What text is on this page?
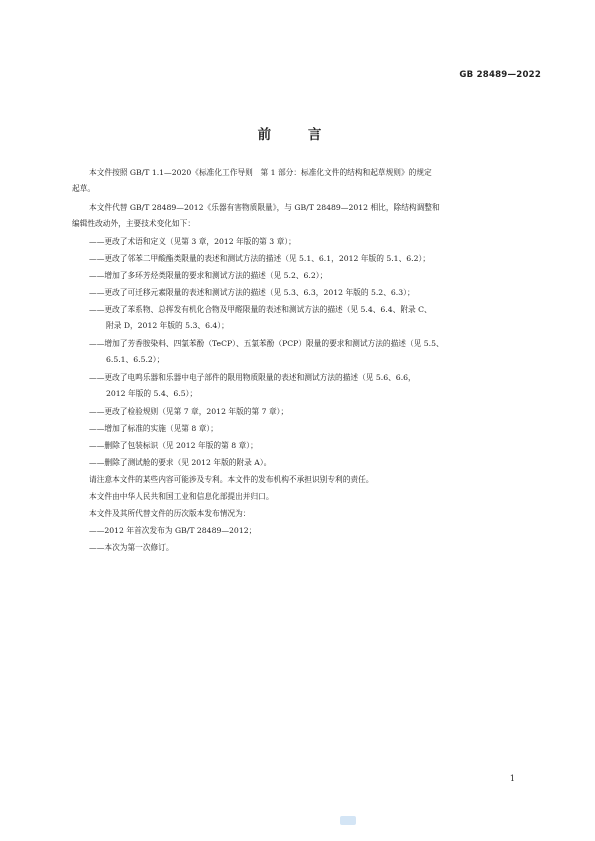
GB 28489—2022
前 言
本文件按照 GB/T 1.1—2020《标准化工作导则　第 1 部分：标准化文件的结构和起草规则》的规定
起草。
本文件代替 GB/T 28489—2012《乐器有害物质限量》，与 GB/T 28489—2012 相比，除结构调整和
编辑性改动外，主要技术变化如下：
——更改了术语和定义（见第 3 章，2012 年版的第 3 章）；
——更改了邻苯二甲酸酯类限量的表述和测试方法的描述（见 5.1、6.1，2012 年版的 5.1、6.2）；
——增加了多环芳烃类限量的要求和测试方法的描述（见 5.2、6.2）；
——更改了可迁移元素限量的表述和测试方法的描述（见 5.3、6.3，2012 年版的 5.2、6.3）；
——更改了苯系物、总挥发有机化合物及甲醛限量的表述和测试方法的描述（见 5.4、6.4、附录 C、
附录 D，2012 年版的 5.3、6.4）；
——增加了芳香胺染料、四氯苯酚（TeCP）、五氯苯酚（PCP）限量的要求和测试方法的描述（见 5.5、
6.5.1、6.5.2）；
——更改了电鸣乐器和乐器中电子部件的限用物质限量的表述和测试方法的描述（见 5.6、6.6，
2012 年版的 5.4、6.5）；
——更改了检验规则（见第 7 章，2012 年版的第 7 章）；
——增加了标准的实施（见第 8 章）；
——删除了包装标识（见 2012 年版的第 8 章）；
——删除了测试舱的要求（见 2012 年版的附录 A）。
请注意本文件的某些内容可能涉及专利。本文件的发布机构不承担识别专利的责任。
本文件由中华人民共和国工业和信息化部提出并归口。
本文件及其所代替文件的历次版本发布情况为：
——2012 年首次发布为 GB/T 28489—2012；
——本次为第一次修订。
1
